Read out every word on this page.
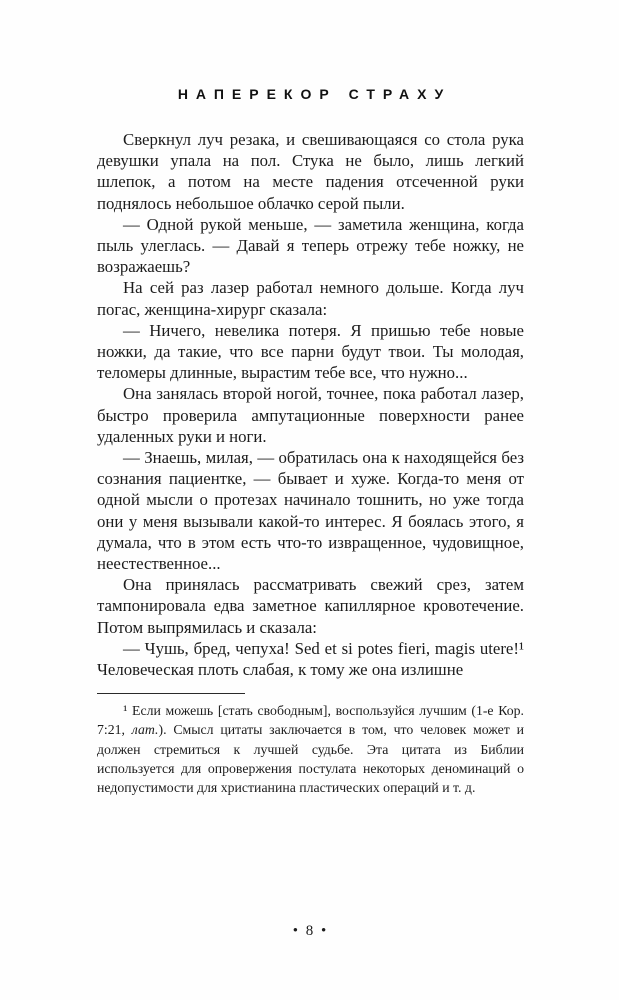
НАПЕРЕКОР СТРАХУ

Сверкнул луч резака, и свешивающаяся со стола рука девушки упала на пол. Стука не было, лишь легкий шлепок, а потом на месте падения отсеченной руки поднялось небольшое облачко серой пыли.

— Одной рукой меньше, — заметила женщина, когда пыль улеглась. — Давай я теперь отрежу тебе ножку, не возражаешь?

На сей раз лазер работал немного дольше. Когда луч погас, женщина-хирург сказала:

— Ничего, невелика потеря. Я пришью тебе новые ножки, да такие, что все парни будут твои. Ты молодая, теломеры длинные, вырастим тебе все, что нужно...

Она занялась второй ногой, точнее, пока работал лазер, быстро проверила ампутационные поверхности ранее удаленных руки и ноги.

— Знаешь, милая, — обратилась она к находящейся без сознания пациентке, — бывает и хуже. Когда-то меня от одной мысли о протезах начинало тошнить, но уже тогда они у меня вызывали какой-то интерес. Я боялась этого, я думала, что в этом есть что-то извращенное, чудовищное, неестественное...

Она принялась рассматривать свежий срез, затем тампонировала едва заметное капиллярное кровотечение. Потом выпрямилась и сказала:

— Чушь, бред, чепуха! Sed et si potes fieri, magis utere!¹ Человеческая плоть слабая, к тому же она излишне

¹ Если можешь [стать свободным], воспользуйся лучшим (1-е Кор. 7:21, лат.). Смысл цитаты заключается в том, что человек может и должен стремиться к лучшей судьбе. Эта цитата из Библии используется для опровержения постулата некоторых деноминаций о недопустимости для христианина пластических операций и т. д.

• 8 •
